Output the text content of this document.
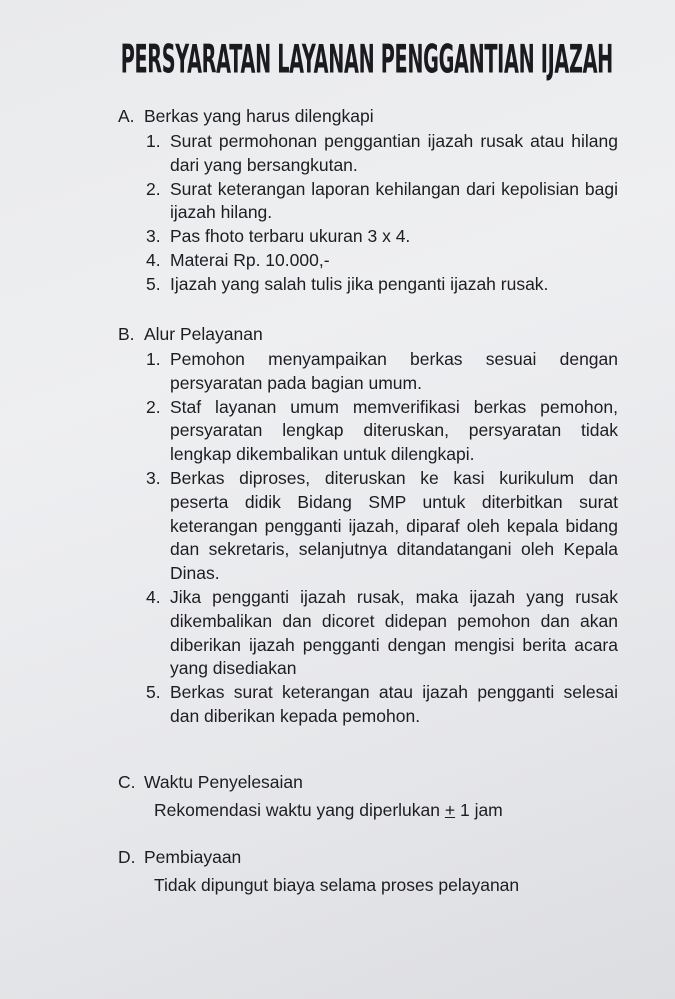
PERSYARATAN LAYANAN PENGGANTIAN IJAZAH
A. Berkas yang harus dilengkapi
1. Surat permohonan penggantian ijazah rusak atau hilang dari yang bersangkutan.
2. Surat keterangan laporan kehilangan dari kepolisian bagi ijazah hilang.
3. Pas fhoto terbaru ukuran 3 x 4.
4. Materai Rp. 10.000,-
5. Ijazah yang salah tulis jika penganti ijazah rusak.
B. Alur Pelayanan
1. Pemohon menyampaikan berkas sesuai dengan persyaratan pada bagian umum.
2. Staf layanan umum memverifikasi berkas pemohon, persyaratan lengkap diteruskan, persyaratan tidak lengkap dikembalikan untuk dilengkapi.
3. Berkas diproses, diteruskan ke kasi kurikulum dan peserta didik Bidang SMP untuk diterbitkan surat keterangan pengganti ijazah, diparaf oleh kepala bidang dan sekretaris, selanjutnya ditandatangani oleh Kepala Dinas.
4. Jika pengganti ijazah rusak, maka ijazah yang rusak dikembalikan dan dicoret didepan pemohon dan akan diberikan ijazah pengganti dengan mengisi berita acara yang disediakan
5. Berkas surat keterangan atau ijazah pengganti selesai dan diberikan kepada pemohon.
C. Waktu Penyelesaian
Rekomendasi waktu yang diperlukan + 1 jam
D. Pembiayaan
Tidak dipungut biaya selama proses pelayanan
